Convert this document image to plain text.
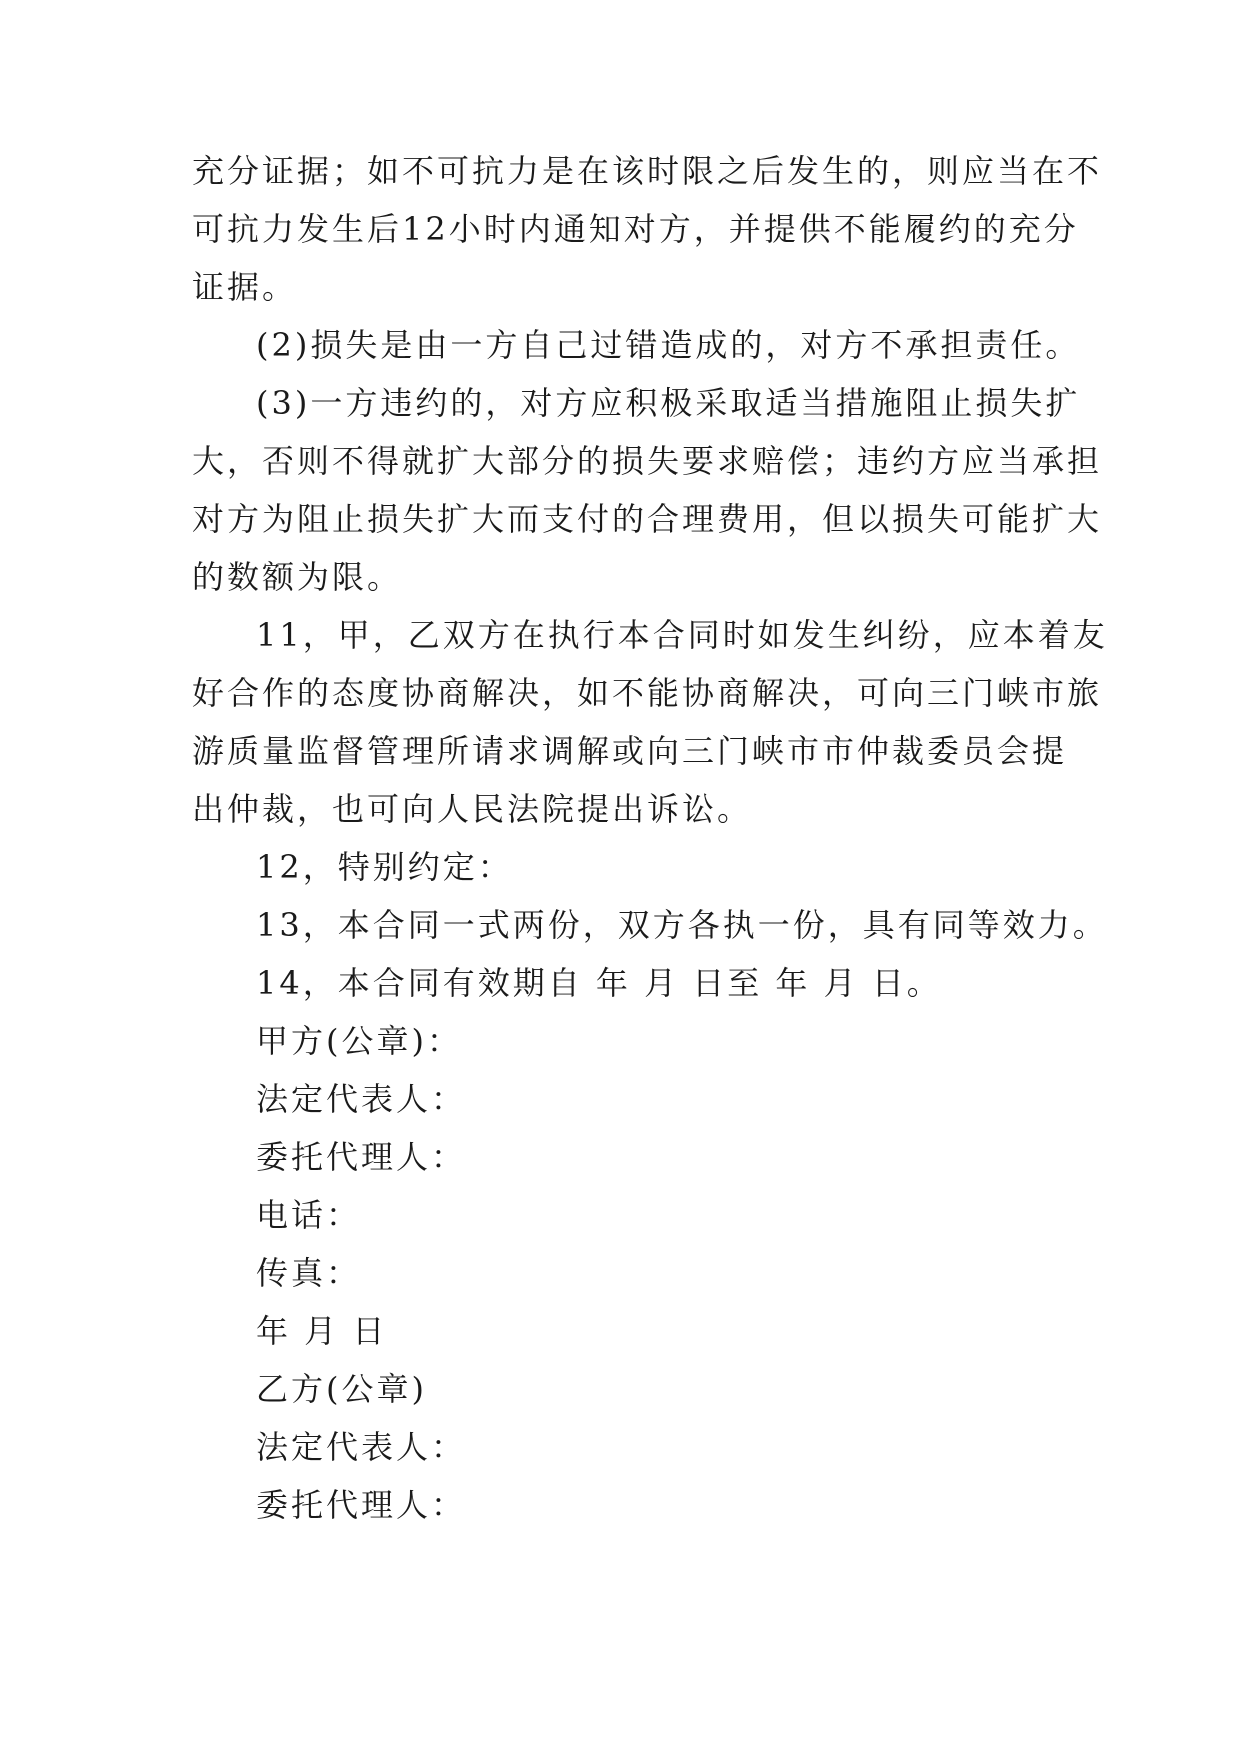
充分证据；如不可抗力是在该时限之后发生的，则应当在不
可抗力发生后12小时内通知对方，并提供不能履约的充分
证据。
(2)损失是由一方自己过错造成的，对方不承担责任。
(3)一方违约的，对方应积极采取适当措施阻止损失扩
大，否则不得就扩大部分的损失要求赔偿；违约方应当承担
对方为阻止损失扩大而支付的合理费用，但以损失可能扩大
的数额为限。
11，甲，乙双方在执行本合同时如发生纠纷，应本着友
好合作的态度协商解决，如不能协商解决，可向三门峡市旅
游质量监督管理所请求调解或向三门峡市市仲裁委员会提
出仲裁，也可向人民法院提出诉讼。
12，特别约定：
13，本合同一式两份，双方各执一份，具有同等效力。
14，本合同有效期自 年 月 日至 年 月 日。
甲方(公章)：
法定代表人：
委托代理人：
电话：
传真：
年 月 日
乙方(公章)
法定代表人：
委托代理人：
